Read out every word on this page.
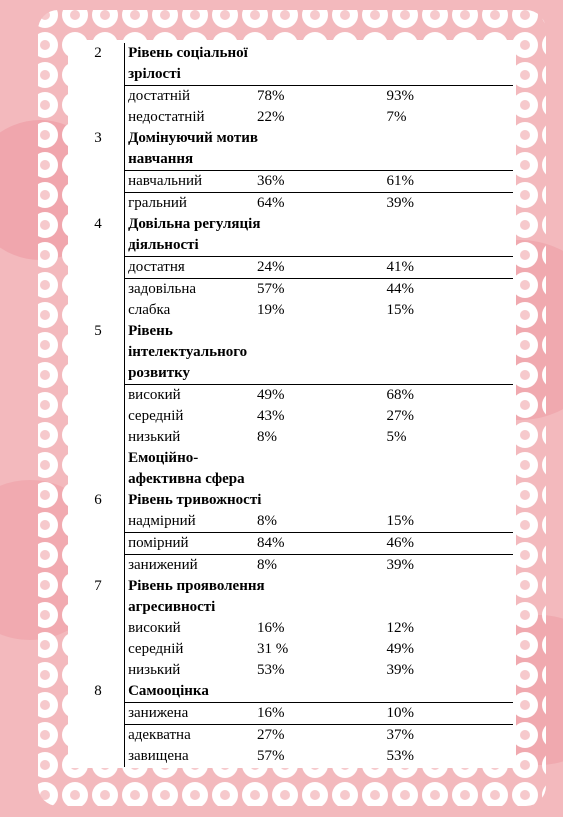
2	Рівень соціальної		
	зрілості		
	достатній	78%	93%
	недостатній	22%	7%
3	Домінуючий мотив		
	навчання		
	навчальний	36%	61%
	гральний	64%	39%
4	Довільна регуляція		
	діяльності		
	достатня	24%	41%
	задовільна	57%	44%
	слабка	19%	15%
5	Рівень		
	інтелектуального		
	розвитку		
	високий	49%	68%
	середній	43%	27%
	низький	8%	5%
	Емоційно-		
	афективна сфера		
6	Рівень тривожності		
	надмірний	8%	15%
	помірний	84%	46%
	занижений	8%	39%
7	Рівень прояволення		
	агресивності		
	високий	16%	12%
	середній	31 %	49%
	низький	53%	39%
8	Самооцінка		
	занижена	16%	10%
	адекватна	27%	37%
	завищена	57%	53%
